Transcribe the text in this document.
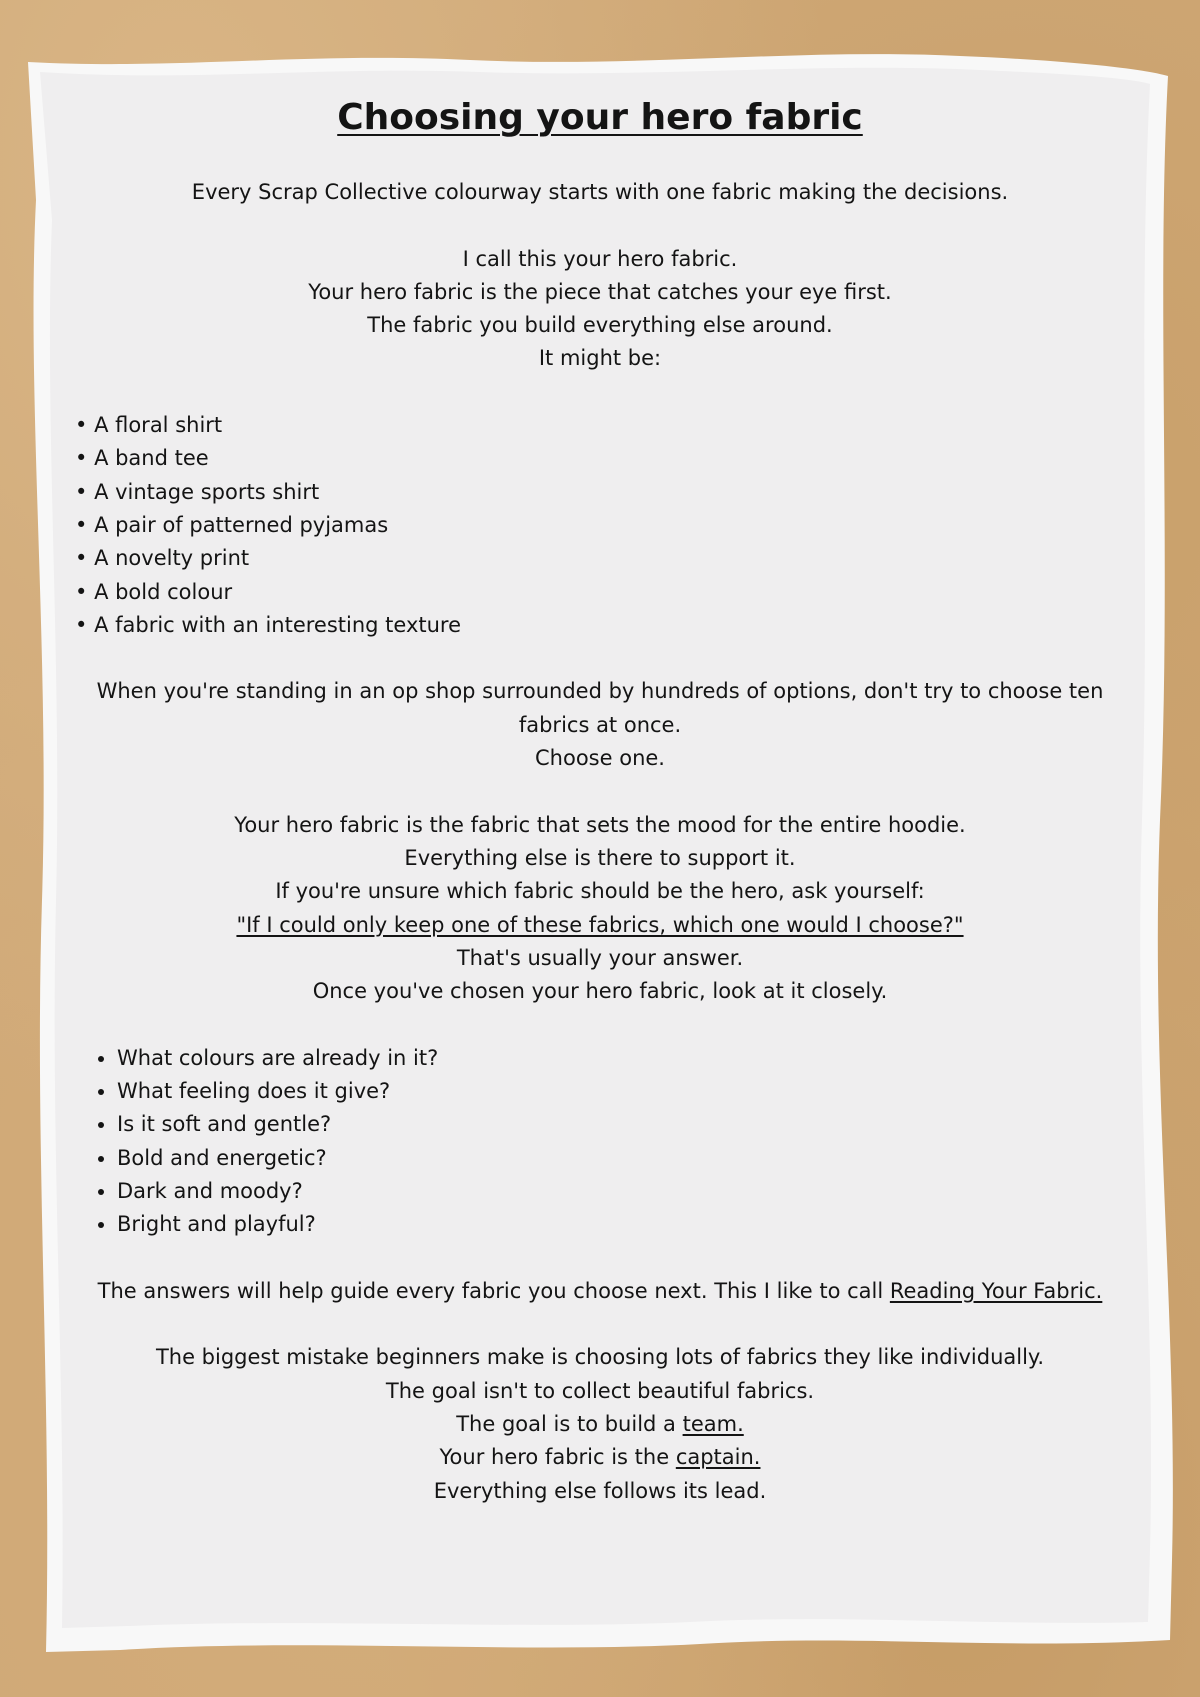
Choosing your hero fabric

Every Scrap Collective colourway starts with one fabric making the decisions.

I call this your hero fabric.

Your hero fabric is the piece that catches your eye first.

The fabric you build everything else around.

It might be:

• A floral shirt
• A band tee
• A vintage sports shirt
• A pair of patterned pyjamas
• A novelty print
• A bold colour
• A fabric with an interesting texture

When you're standing in an op shop surrounded by hundreds of options, don't try to choose ten fabrics at once.

Choose one.

Your hero fabric is the fabric that sets the mood for the entire hoodie.

Everything else is there to support it.

If you're unsure which fabric should be the hero, ask yourself:

"If I could only keep one of these fabrics, which one would I choose?"

That's usually your answer.

Once you've chosen your hero fabric, look at it closely.

• What colours are already in it?
• What feeling does it give?
• Is it soft and gentle?
• Bold and energetic?
• Dark and moody?
• Bright and playful?

The answers will help guide every fabric you choose next. This I like to call Reading Your Fabric.

The biggest mistake beginners make is choosing lots of fabrics they like individually.

The goal isn't to collect beautiful fabrics.

The goal is to build a team.

Your hero fabric is the captain.

Everything else follows its lead.
